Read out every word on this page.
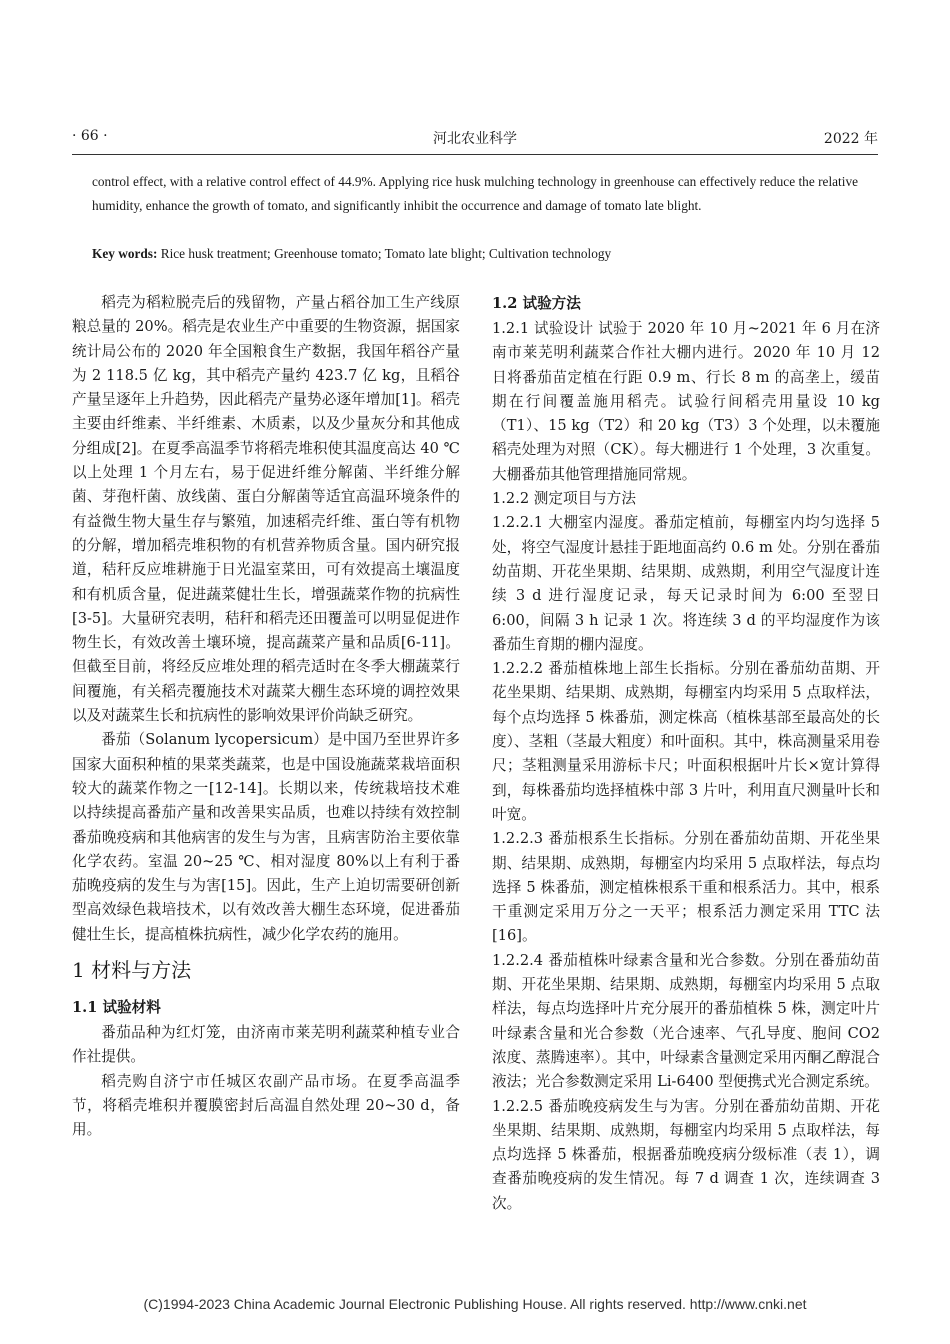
· 66 ·	河北农业科学	2022 年

control effect, with a relative control effect of 44.9%. Applying rice husk mulching technology in greenhouse can effectively reduce the relative humidity, enhance the growth of tomato, and significantly inhibit the occurrence and damage of tomato late blight.

Key words: Rice husk treatment; Greenhouse tomato; Tomato late blight; Cultivation technology

稻壳为稻粒脱壳后的残留物，产量占稻谷加工生产线原粮总量的 20%。稻壳是农业生产中重要的生物资源，据国家统计局公布的 2020 年全国粮食生产数据，我国年稻谷产量为 2 118.5 亿 kg，其中稻壳产量约 423.7 亿 kg，且稻谷产量呈逐年上升趋势，因此稻壳产量势必逐年增加[1]。稻壳主要由纤维素、半纤维素、木质素，以及少量灰分和其他成分组成[2]。在夏季高温季节将稻壳堆积使其温度高达 40 ℃以上处理 1 个月左右，易于促进纤维分解菌、半纤维分解菌、芽孢杆菌、放线菌、蛋白分解菌等适宜高温环境条件的有益微生物大量生存与繁殖，加速稻壳纤维、蛋白等有机物的分解，增加稻壳堆积物的有机营养物质含量。国内研究报道，秸秆反应堆耕施于日光温室菜田，可有效提高土壤温度和有机质含量，促进蔬菜健壮生长，增强蔬菜作物的抗病性[3-5]。大量研究表明，秸秆和稻壳还田覆盖可以明显促进作物生长，有效改善土壤环境，提高蔬菜产量和品质[6-11]。但截至目前，将经反应堆处理的稻壳适时在冬季大棚蔬菜行间覆施，有关稻壳覆施技术对蔬菜大棚生态环境的调控效果以及对蔬菜生长和抗病性的影响效果评价尚缺乏研究。

番茄（Solanum lycopersicum）是中国乃至世界许多国家大面积种植的果菜类蔬菜，也是中国设施蔬菜栽培面积较大的蔬菜作物之一[12-14]。长期以来，传统栽培技术难以持续提高番茄产量和改善果实品质，也难以持续有效控制番茄晚疫病和其他病害的发生与为害，且病害防治主要依靠化学农药。室温 20~25 ℃、相对湿度 80%以上有利于番茄晚疫病的发生与为害[15]。因此，生产上迫切需要研创新型高效绿色栽培技术，以有效改善大棚生态环境，促进番茄健壮生长，提高植株抗病性，减少化学农药的施用。

1 材料与方法
1.1 试验材料

番茄品种为红灯笼，由济南市莱芜明利蔬菜种植专业合作社提供。

稻壳购自济宁市任城区农副产品市场。在夏季高温季节，将稻壳堆积并覆膜密封后高温自然处理 20~30 d，备用。

1.2 试验方法

1.2.1 试验设计 试验于 2020 年 10 月~2021 年 6 月在济南市莱芜明利蔬菜合作社大棚内进行。2020 年 10 月 12 日将番茄苗定植在行距 0.9 m、行长 8 m 的高垄上，缓苗期在行间覆盖施用稻壳。试验行间稻壳用量设 10 kg（T1）、15 kg（T2）和 20 kg（T3）3 个处理，以未覆施稻壳处理为对照（CK）。每大棚进行 1 个处理，3 次重复。大棚番茄其他管理措施同常规。

1.2.2 测定项目与方法

1.2.2.1 大棚室内湿度。番茄定植前，每棚室内均匀选择 5 处，将空气湿度计悬挂于距地面高约 0.6 m 处。分别在番茄幼苗期、开花坐果期、结果期、成熟期，利用空气湿度计连续 3 d 进行湿度记录，每天记录时间为 6:00 至翌日 6:00，间隔 3 h 记录 1 次。将连续 3 d 的平均湿度作为该番茄生育期的棚内湿度。

1.2.2.2 番茄植株地上部生长指标。分别在番茄幼苗期、开花坐果期、结果期、成熟期，每棚室内均采用 5 点取样法，每个点均选择 5 株番茄，测定株高（植株基部至最高处的长度）、茎粗（茎最大粗度）和叶面积。其中，株高测量采用卷尺；茎粗测量采用游标卡尺；叶面积根据叶片长×宽计算得到，每株番茄均选择植株中部 3 片叶，利用直尺测量叶长和叶宽。

1.2.2.3 番茄根系生长指标。分别在番茄幼苗期、开花坐果期、结果期、成熟期，每棚室内均采用 5 点取样法，每点均选择 5 株番茄，测定植株根系干重和根系活力。其中，根系干重测定采用万分之一天平；根系活力测定采用 TTC 法[16]。

1.2.2.4 番茄植株叶绿素含量和光合参数。分别在番茄幼苗期、开花坐果期、结果期、成熟期，每棚室内均采用 5 点取样法，每点均选择叶片充分展开的番茄植株 5 株，测定叶片叶绿素含量和光合参数（光合速率、气孔导度、胞间 CO2 浓度、蒸腾速率）。其中，叶绿素含量测定采用丙酮乙醇混合液法；光合参数测定采用 Li-6400 型便携式光合测定系统。

1.2.2.5 番茄晚疫病发生与为害。分别在番茄幼苗期、开花坐果期、结果期、成熟期，每棚室内均采用 5 点取样法，每点均选择 5 株番茄，根据番茄晚疫病分级标准（表 1），调查番茄晚疫病的发生情况。每 7 d 调查 1 次，连续调查 3 次。

(C)1994-2023 China Academic Journal Electronic Publishing House. All rights reserved. http://www.cnki.net
